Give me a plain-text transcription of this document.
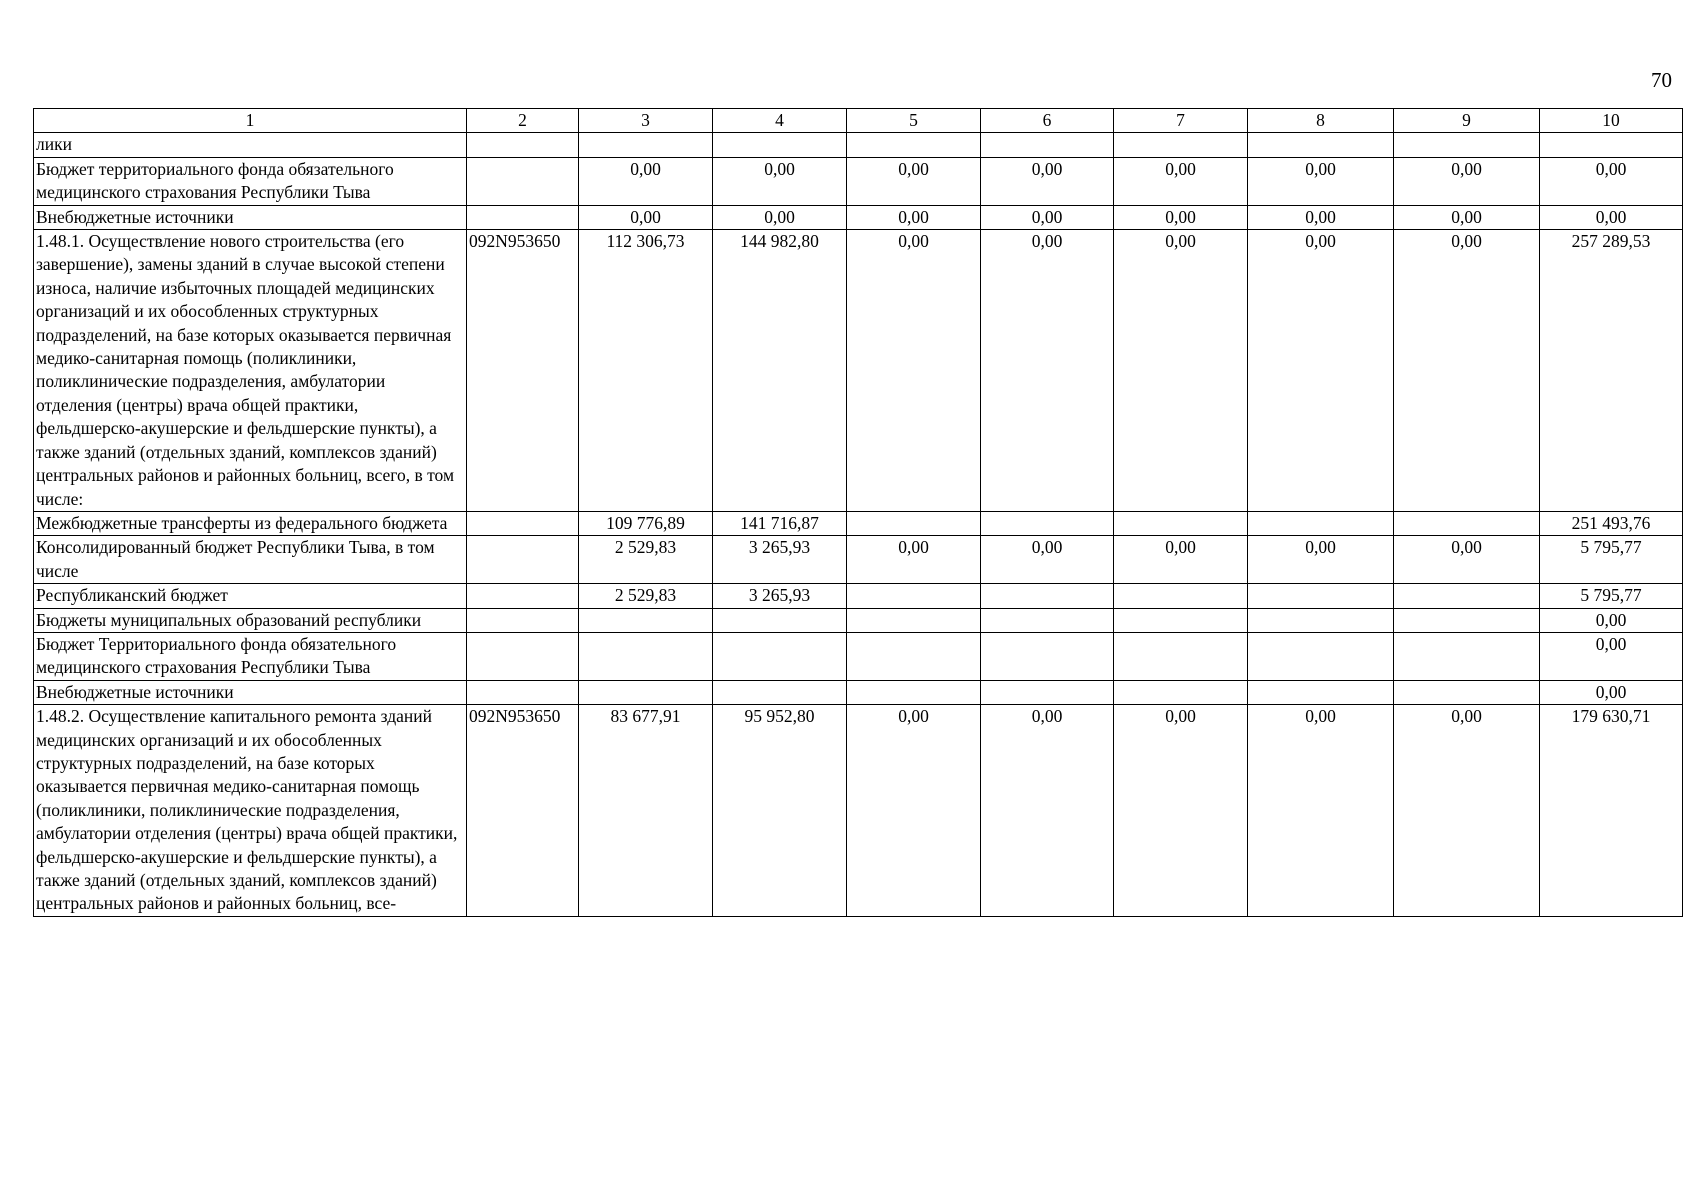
70
1	2	3	4	5	6	7	8	9	10
лики									
Бюджет территориального фонда обязательного медицинского страхования Республики Тыва		0,00	0,00	0,00	0,00	0,00	0,00	0,00	0,00
Внебюджетные источники		0,00	0,00	0,00	0,00	0,00	0,00	0,00	0,00
1.48.1. Осуществление нового строительства (его завершение), замены зданий в случае высокой степени износа, наличие избыточных площадей медицинских организаций и их обособленных структурных подразделений, на базе которых оказывается первичная медико-санитарная помощь (поликлиники, поликлинические подразделения, амбулатории отделения (центры) врача общей практики, фельдшерско-акушерские и фельдшерские пункты), а также зданий (отдельных зданий, комплексов зданий) центральных районов и районных больниц, всего, в том числе:	092N953650	112 306,73	144 982,80	0,00	0,00	0,00	0,00	0,00	257 289,53
Межбюджетные трансферты из федерального бюджета		109 776,89	141 716,87						251 493,76
Консолидированный бюджет Республики Тыва, в том числе		2 529,83	3 265,93	0,00	0,00	0,00	0,00	0,00	5 795,77
Республиканский бюджет		2 529,83	3 265,93						5 795,77
Бюджеты муниципальных образований республики									0,00
Бюджет Территориального фонда обязательного медицинского страхования Республики Тыва									0,00
Внебюджетные источники									0,00
1.48.2. Осуществление капитального ремонта зданий медицинских организаций и их обособленных структурных подразделений, на базе которых оказывается первичная медико-санитарная помощь (поликлиники, поликлинические подразделения, амбулатории отделения (центры) врача общей практики, фельдшерско-акушерские и фельдшерские пункты), а также зданий (отдельных зданий, комплексов зданий) центральных районов и районных больниц, все-	092N953650	83 677,91	95 952,80	0,00	0,00	0,00	0,00	0,00	179 630,71
